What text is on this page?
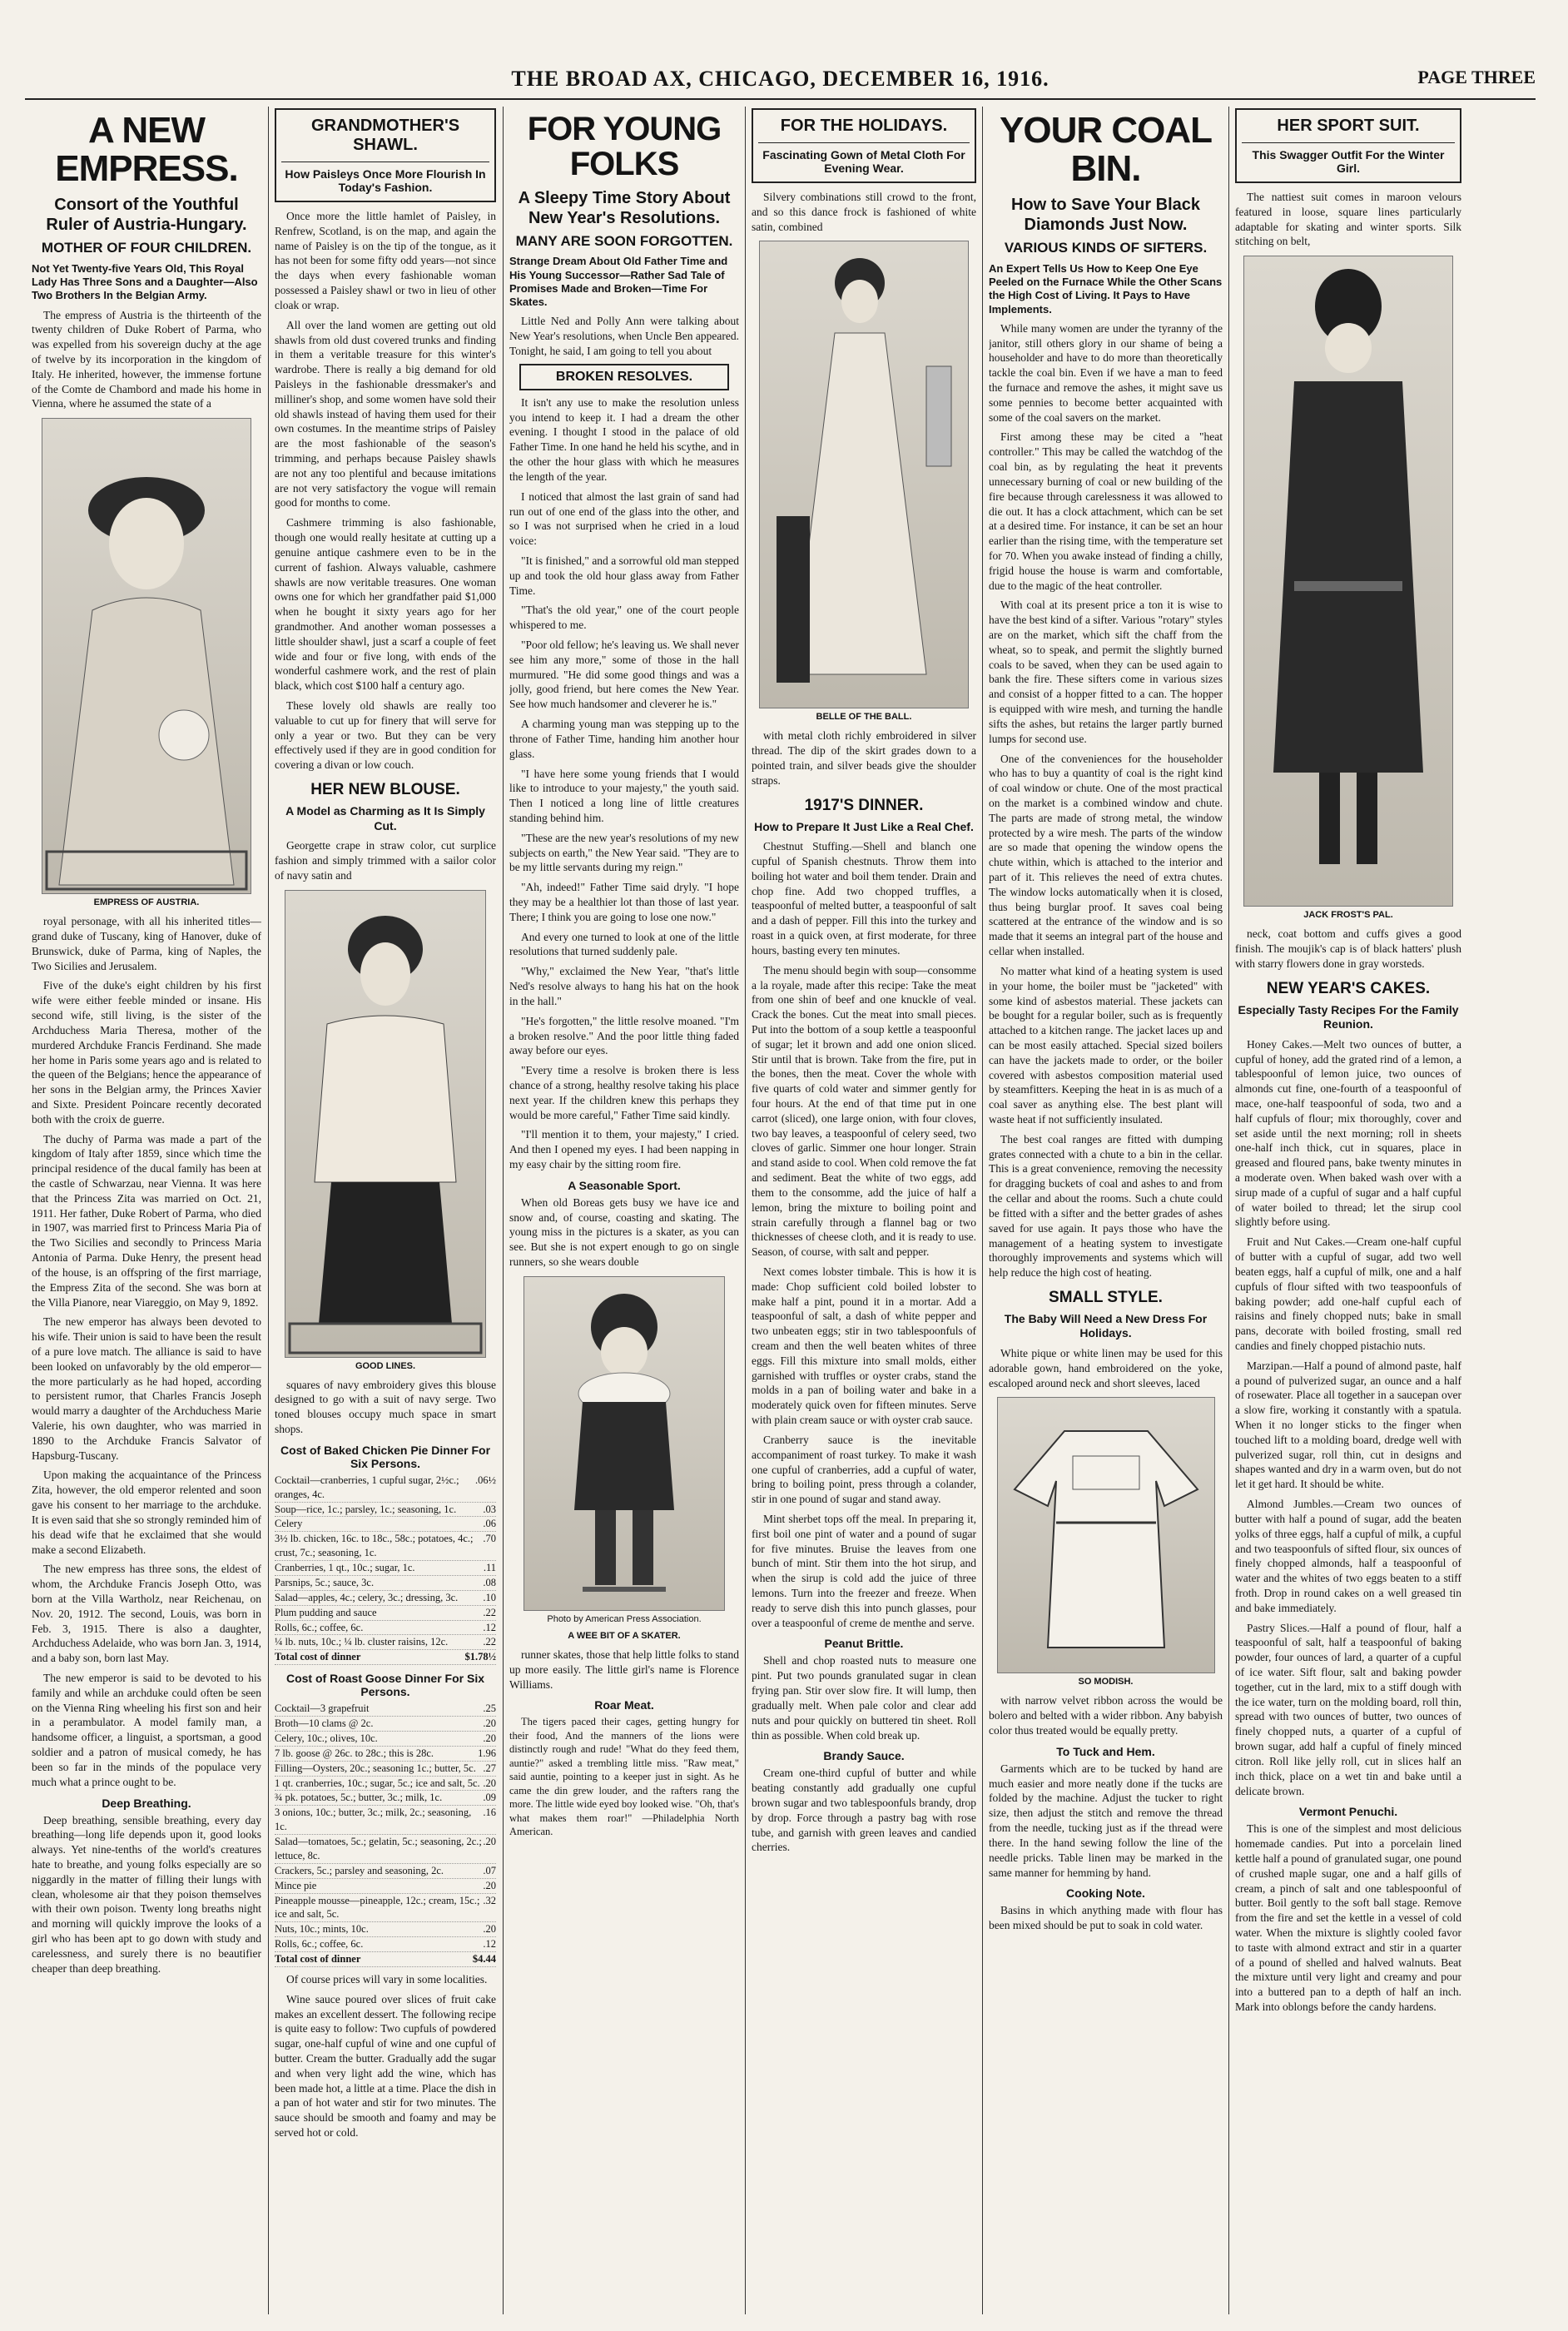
THE BROAD AX, CHICAGO, DECEMBER 16, 1916.	PAGE THREE
A NEW EMPRESS.
Consort of the Youthful Ruler of Austria-Hungary.
MOTHER OF FOUR CHILDREN.
Not Yet Twenty-five Years Old, This Royal Lady Has Three Sons and a Daughter—Also Two Brothers In the Belgian Army.

The empress of Austria is the thirteenth of the twenty children of Duke Robert of Parma, who was expelled from his sovereign duchy at the age of twelve by its incorporation in the kingdom of Italy. He inherited, however, the immense fortune of the Comte de Chambord and made his home in Vienna, where he assumed the state of a

EMPRESS OF AUSTRIA.

royal personage, with all his inherited titles—grand duke of Tuscany, king of Hanover, duke of Brunswick, duke of Parma, king of Naples, the Two Sicilies and Jerusalem.

Five of the duke's eight children by his first wife were either feeble minded or insane. His second wife, still living, is the sister of the Archduchess Maria Theresa, mother of the murdered Archduke Francis Ferdinand. She made her home in Paris some years ago and is related to the queen of the Belgians; hence the appearance of her sons in the Belgian army, the Princes Xavier and Sixte. President Poincare recently decorated both with the croix de guerre.

The duchy of Parma was made a part of the kingdom of Italy after 1859, since which time the principal residence of the ducal family has been at the castle of Schwarzau, near Vienna. It was here that the Princess Zita was married on Oct. 21, 1911. Her father, Duke Robert of Parma, who died in 1907, was married first to Princess Maria Pia of the Two Sicilies and secondly to Princess Maria Antonia of Parma. Duke Henry, the present head of the house, is an offspring of the first marriage, the Empress Zita of the second. She was born at the Villa Pianore, near Viareggio, on May 9, 1892.

The new emperor has always been devoted to his wife. Their union is said to have been the result of a pure love match. The alliance is said to have been looked on unfavorably by the old emperor—the more particularly as he had hoped, according to persistent rumor, that Charles Francis Joseph would marry a daughter of the Archduchess Marie Valerie, his own daughter, who was married in 1890 to the Archduke Francis Salvator of Hapsburg-Tuscany.

Upon making the acquaintance of the Princess Zita, however, the old emperor relented and soon gave his consent to her marriage to the archduke. It is even said that she so strongly reminded him of his dead wife that he exclaimed that she would make a second Elizabeth.

The new empress has three sons, the eldest of whom, the Archduke Francis Joseph Otto, was born at the Villa Wartholz, near Reichenau, on Nov. 20, 1912. The second, Louis, was born in Feb. 3, 1915. There is also a daughter, Archduchess Adelaide, who was born Jan. 3, 1914, and a baby son, born last May.

The new emperor is said to be devoted to his family and while an archduke could often be seen on the Vienna Ring wheeling his first son and heir in a perambulator. A model family man, a handsome officer, a linguist, a sportsman, a good soldier and a patron of musical comedy, he has been so far in the minds of the populace very much what a prince ought to be.

Deep Breathing.

Deep breathing, sensible breathing, every day breathing—long life depends upon it, good looks always. Yet nine-tenths of the world's creatures hate to breathe, and young folks especially are so niggardly in the matter of filling their lungs with clean, wholesome air that they poison themselves with their own poison. Twenty long breaths night and morning will quickly improve the looks of a girl who has been apt to go down with study and carelessness, and surely there is no beautifier cheaper than deep breathing.

GRANDMOTHER'S SHAWL.
How Paisleys Once More Flourish In Today's Fashion.

Once more the little hamlet of Paisley, in Renfrew, Scotland, is on the map, and again the name of Paisley is on the tip of the tongue, as it has not been for some fifty odd years—not since the days when every fashionable woman possessed a Paisley shawl or two in lieu of other cloak or wrap.

All over the land women are getting out old shawls from old dust covered trunks and finding in them a veritable treasure for this winter's wardrobe. There is really a big demand for old Paisleys in the fashionable dressmaker's and milliner's shop, and some women have sold their old shawls instead of having them used for their own costumes. In the meantime strips of Paisley are the most fashionable of the season's trimming, and perhaps because Paisley shawls are not any too plentiful and because imitations are not very satisfactory the vogue will remain good for months to come.

Cashmere trimming is also fashionable, though one would really hesitate at cutting up a genuine antique cashmere even to be in the current of fashion. Always valuable, cashmere shawls are now veritable treasures. One woman owns one for which her grandfather paid $1,000 when he bought it sixty years ago for her grandmother. And another woman possesses a little shoulder shawl, just a scarf a couple of feet wide and four or five long, with ends of the wonderful cashmere work, and the rest of plain black, which cost $100 half a century ago.

These lovely old shawls are really too valuable to cut up for finery that will serve for only a year or two. But they can be very effectively used if they are in good condition for covering a divan or low couch.

HER NEW BLOUSE.
A Model as Charming as It Is Simply Cut.

Georgette crape in straw color, cut surplice fashion and simply trimmed with a sailor color of navy satin and

GOOD LINES.

squares of navy embroidery gives this blouse designed to go with a suit of navy serge. Two toned blouses occupy much space in smart shops.

Cost of Baked Chicken Pie Dinner For Six Persons.
Cocktail—cranberries, 1 cupful sugar, 2½c.; oranges, 4c.
.06½
Soup—rice, 1c.; parsley, 1c.; seasoning, 1c.	.03
Celery	.06
3½ lb. chicken, 16c. to 18c., 58c.; potatoes, 4c.; crust, 7c.; seasoning, 1c.
.70
Cranberries, 1 qt., 10c.; sugar, 1c.	.11
Parsnips, 5c.; sauce, 3c.	.08
Salad—apples, 4c.; celery, 3c.; dressing, 3c. .10
Plum pudding and sauce	.22
Rolls, 6c.; coffee, 6c.	.12
¼ lb. nuts, 10c.; ¼ lb. cluster raisins, 12c.	.22
Total cost of dinner	$1.78½
Cost of Roast Goose Dinner For Six Persons.
Cocktail—3 grapefruit	.25
Broth—10 clams @ 2c.	.20
Celery, 10c.; olives, 10c.	.20
7 lb. goose @ 26c. to 28c.; this is 28c.	1.96
Filling—Oysters, 20c.; seasoning 1c.; butter, 5c. .27
1 qt. cranberries, 10c.; sugar, 5c.; ice and salt, 5c. .20
¾ pk. potatoes, 5c.; butter, 3c.; milk, 1c.	.09
3 onions, 10c.; butter, 3c.; milk, 2c.; seasoning, 1c.
.16
Salad—tomatoes, 5c.; gelatin, 5c.; seasoning, 2c.; lettuce, 8c.
.20
Crackers, 5c.; parsley and seasoning, 2c.	.07
Mince pie	.20
Pineapple mousse—pineapple, 12c.; cream, 15c.; ice and salt, 5c.
.32
Nuts, 10c.; mints, 10c.	.20
Rolls, 6c.; coffee, 6c.	.12
Total cost of dinner	$4.44

Of course prices will vary in some localities.

Wine sauce poured over slices of fruit cake makes an excellent dessert. The following recipe is quite easy to follow: Two cupfuls of powdered sugar, one-half cupful of wine and one cupful of butter. Cream the butter. Gradually add the sugar and when very light add the wine, which has been made hot, a little at a time. Place the dish in a pan of hot water and stir for two minutes. The sauce should be smooth and foamy and may be served hot or cold.

FOR YOUNG FOLKS
A Sleepy Time Story About New Year's Resolutions.
MANY ARE SOON FORGOTTEN.
Strange Dream About Old Father Time and His Young Successor—Rather Sad Tale of Promises Made and Broken—Time For Skates.

Little Ned and Polly Ann were talking about New Year's resolutions, when Uncle Ben appeared. Tonight, he said, I am going to tell you about

BROKEN RESOLVES.

It isn't any use to make the resolution unless you intend to keep it. I had a dream the other evening. I thought I stood in the palace of old Father Time. In one hand he held his scythe, and in the other the hour glass with which he measures the length of the year.

I noticed that almost the last grain of sand had run out of one end of the glass into the other, and so I was not surprised when he cried in a loud voice:

"It is finished," and a sorrowful old man stepped up and took the old hour glass away from Father Time.

"That's the old year," one of the court people whispered to me.

"Poor old fellow; he's leaving us. We shall never see him any more," some of those in the hall murmured. "He did some good things and was a jolly, good friend, but here comes the New Year. See how much handsomer and cleverer he is."

A charming young man was stepping up to the throne of Father Time, handing him another hour glass.

"I have here some young friends that I would like to introduce to your majesty," the youth said. Then I noticed a long line of little creatures standing behind him.

"These are the new year's resolutions of my new subjects on earth," the New Year said. "They are to be my little servants during my reign."

"Ah, indeed!" Father Time said dryly. "I hope they may be a healthier lot than those of last year. There; I think you are going to lose one now."

And every one turned to look at one of the little resolutions that turned suddenly pale.

"Why," exclaimed the New Year, "that's little Ned's resolve always to hang his hat on the hook in the hall."

"He's forgotten," the little resolve moaned. "I'm a broken resolve." And the poor little thing faded away before our eyes.

"Every time a resolve is broken there is less chance of a strong, healthy resolve taking his place next year. If the children knew this perhaps they would be more careful," Father Time said kindly.

"I'll mention it to them, your majesty," I cried. And then I opened my eyes. I had been napping in my easy chair by the sitting room fire.

A Seasonable Sport.

When old Boreas gets busy we have ice and snow and, of course, coasting and skating. The young miss in the pictures is a skater, as you can see. But she is not expert enough to go on single runners, so she wears double

Photo by American Press Association.
A WEE BIT OF A SKATER.

runner skates, those that help little folks to stand up more easily. The little girl's name is Florence Williams.

Roar Meat.

The tigers paced their cages, getting hungry for their food, And the manners of the lions were distinctly rough and rude! "What do they feed them, auntie?" asked a trembling little miss. "Raw meat," said auntie, pointing to a keeper just in sight. As he came the din grew louder, and the rafters rang the more. The little wide eyed boy looked wise. "Oh, that's what makes them roar!" —Philadelphia North American.

FOR THE HOLIDAYS.
Fascinating Gown of Metal Cloth For Evening Wear.

Silvery combinations still crowd to the front, and so this dance frock is fashioned of white satin, combined

BELLE OF THE BALL.

with metal cloth richly embroidered in silver thread. The dip of the skirt grades down to a pointed train, and silver beads give the shoulder straps.

1917'S DINNER.
How to Prepare It Just Like a Real Chef.

Chestnut Stuffing.—Shell and blanch one cupful of Spanish chestnuts. Throw them into boiling hot water and boil them tender. Drain and chop fine. Add two chopped truffles, a teaspoonful of melted butter, a teaspoonful of salt and a dash of pepper. Fill this into the turkey and roast in a quick oven, at first moderate, for three hours, basting every ten minutes.

The menu should begin with soup—consomme a la royale, made after this recipe: Take the meat from one shin of beef and one knuckle of veal. Crack the bones. Cut the meat into small pieces. Put into the bottom of a soup kettle a teaspoonful of sugar; let it brown and add one onion sliced. Stir until that is brown. Take from the fire, put in the bones, then the meat. Cover the whole with five quarts of cold water and simmer gently for four hours. At the end of that time put in one carrot (sliced), one large onion, with four cloves, two bay leaves, a teaspoonful of celery seed, two cloves of garlic. Simmer one hour longer. Strain and stand aside to cool. When cold remove the fat and sediment. Beat the white of two eggs, add them to the consomme, add the juice of half a lemon, bring the mixture to boiling point and strain carefully through a flannel bag or two thicknesses of cheese cloth, and it is ready to use. Season, of course, with salt and pepper.

Next comes lobster timbale. This is how it is made: Chop sufficient cold boiled lobster to make half a pint, pound it in a mortar. Add a teaspoonful of salt, a dash of white pepper and two unbeaten eggs; stir in two tablespoonfuls of cream and then the well beaten whites of three eggs. Fill this mixture into small molds, either garnished with truffles or oyster crabs, stand the molds in a pan of boiling water and bake in a moderately quick oven for fifteen minutes. Serve with plain cream sauce or with oyster crab sauce.

Cranberry sauce is the inevitable accompaniment of roast turkey. To make it wash one cupful of cranberries, add a cupful of water, bring to boiling point, press through a colander, stir in one pound of sugar and stand away.

Mint sherbet tops off the meal. In preparing it, first boil one pint of water and a pound of sugar for five minutes. Bruise the leaves from one bunch of mint. Stir them into the hot sirup, and when the sirup is cold add the juice of three lemons. Turn into the freezer and freeze. When ready to serve dish this into punch glasses, pour over a teaspoonful of creme de menthe and serve.

Peanut Brittle.

Shell and chop roasted nuts to measure one pint. Put two pounds granulated sugar in clean frying pan. Stir over slow fire. It will lump, then gradually melt. When pale color and clear add nuts and pour quickly on buttered tin sheet. Roll thin as possible. When cold break up.

Brandy Sauce.

Cream one-third cupful of butter and while beating constantly add gradually one cupful brown sugar and two tablespoonfuls brandy, drop by drop. Force through a pastry bag with rose tube, and garnish with green leaves and candied cherries.

YOUR COAL BIN.
How to Save Your Black Diamonds Just Now.
VARIOUS KINDS OF SIFTERS.
An Expert Tells Us How to Keep One Eye Peeled on the Furnace While the Other Scans the High Cost of Living. It Pays to Have Implements.

While many women are under the tyranny of the janitor, still others glory in our shame of being a householder and have to do more than theoretically tackle the coal bin. Even if we have a man to feed the furnace and remove the ashes, it might save us some pennies to become better acquainted with some of the coal savers on the market.

First among these may be cited a "heat controller." This may be called the watchdog of the coal bin, as by regulating the heat it prevents unnecessary burning of coal or new building of the fire because through carelessness it was allowed to die out. It has a clock attachment, which can be set at a desired time. For instance, it can be set an hour earlier than the rising time, with the temperature set for 70. When you awake instead of finding a chilly, frigid house the house is warm and comfortable, due to the magic of the heat controller.

With coal at its present price a ton it is wise to have the best kind of a sifter. Various "rotary" styles are on the market, which sift the chaff from the wheat, so to speak, and permit the slightly burned coals to be saved, when they can be used again to bank the fire. These sifters come in various sizes and consist of a hopper fitted to a can. The hopper is equipped with wire mesh, and turning the handle sifts the ashes, but retains the larger partly burned lumps for second use.

One of the conveniences for the householder who has to buy a quantity of coal is the right kind of coal window or chute. One of the most practical on the market is a combined window and chute. The parts are made of strong metal, the window protected by a wire mesh. The parts of the window are so made that opening the window opens the chute within, which is attached to the interior and part of it. This relieves the need of extra chutes. The window locks automatically when it is closed, thus being burglar proof. It saves coal being scattered at the entrance of the window and is so made that it seems an integral part of the house and cellar when installed.

No matter what kind of a heating system is used in your home, the boiler must be "jacketed" with some kind of asbestos material. These jackets can be bought for a regular boiler, such as is frequently attached to a kitchen range. The jacket laces up and can be most easily attached. Special sized boilers can have the jackets made to order, or the boiler covered with asbestos composition material used by steamfitters. Keeping the heat in is as much of a coal saver as anything else. The best plant will waste heat if not sufficiently insulated.

The best coal ranges are fitted with dumping grates connected with a chute to a bin in the cellar. This is a great convenience, removing the necessity for dragging buckets of coal and ashes to and from the cellar and about the rooms. Such a chute could be fitted with a sifter and the better grades of ashes saved for use again. It pays those who have the management of a heating system to investigate thoroughly improvements and systems which will help reduce the high cost of heating.

SMALL STYLE.
The Baby Will Need a New Dress For Holidays.

White pique or white linen may be used for this adorable gown, hand embroidered on the yoke, escaloped around neck and short sleeves, laced

SO MODISH.

with narrow velvet ribbon across the would be bolero and belted with a wider ribbon. Any babyish color thus treated would be equally pretty.

To Tuck and Hem.

Garments which are to be tucked by hand are much easier and more neatly done if the tucks are folded by the machine. Adjust the tucker to right size, then adjust the stitch and remove the thread from the needle, tucking just as if the thread were there. In the hand sewing follow the line of the needle pricks. Table linen may be marked in the same manner for hemming by hand.

Cooking Note.

Basins in which anything made with flour has been mixed should be put to soak in cold water.

HER SPORT SUIT.
This Swagger Outfit For the Winter Girl.

The nattiest suit comes in maroon velours featured in loose, square lines particularly adaptable for skating and winter sports. Silk stitching on belt,

JACK FROST'S PAL.

neck, coat bottom and cuffs gives a good finish. The moujik's cap is of black hatters' plush with starry flowers done in gray worsteds.

NEW YEAR'S CAKES.
Especially Tasty Recipes For the Family Reunion.

Honey Cakes.—Melt two ounces of butter, a cupful of honey, add the grated rind of a lemon, a tablespoonful of lemon juice, two ounces of almonds cut fine, one-fourth of a teaspoonful of mace, one-half teaspoonful of soda, two and a half cupfuls of flour; mix thoroughly, cover and set aside until the next morning; roll in sheets one-half inch thick, cut in squares, place in greased and floured pans, bake twenty minutes in a moderate oven. When baked wash over with a sirup made of a cupful of sugar and a half cupful of water boiled to thread; let the sirup cool slightly before using.

Fruit and Nut Cakes.—Cream one-half cupful of butter with a cupful of sugar, add two well beaten eggs, half a cupful of milk, one and a half cupfuls of flour sifted with two teaspoonfuls of baking powder; add one-half cupful each of raisins and finely chopped nuts; bake in small pans, decorate with boiled frosting, small red candies and finely chopped pistachio nuts.

Marzipan.—Half a pound of almond paste, half a pound of pulverized sugar, an ounce and a half of rosewater. Place all together in a saucepan over a slow fire, working it constantly with a spatula. When it no longer sticks to the finger when touched lift to a molding board, dredge well with pulverized sugar, roll thin, cut in designs and shapes wanted and dry in a warm oven, but do not let it get hard. It should be white.

Almond Jumbles.—Cream two ounces of butter with half a pound of sugar, add the beaten yolks of three eggs, half a cupful of milk, a cupful and two teaspoonfuls of sifted flour, six ounces of finely chopped almonds, half a teaspoonful of water and the whites of two eggs beaten to a stiff froth. Drop in round cakes on a well greased tin and bake immediately.

Pastry Slices.—Half a pound of flour, half a teaspoonful of salt, half a teaspoonful of baking powder, four ounces of lard, a quarter of a cupful of ice water. Sift flour, salt and baking powder together, cut in the lard, mix to a stiff dough with the ice water, turn on the molding board, roll thin, spread with two ounces of butter, two ounces of finely chopped nuts, a quarter of a cupful of brown sugar, add half a cupful of finely minced citron. Roll like jelly roll, cut in slices half an inch thick, place on a wet tin and bake until a delicate brown.

Vermont Penuchi.

This is one of the simplest and most delicious homemade candies. Put into a porcelain lined kettle half a pound of granulated sugar, one pound of crushed maple sugar, one and a half gills of cream, a pinch of salt and one tablespoonful of butter. Boil gently to the soft ball stage. Remove from the fire and set the kettle in a vessel of cold water. When the mixture is slightly cooled favor to taste with almond extract and stir in a quarter of a pound of shelled and halved walnuts. Beat the mixture until very light and creamy and pour into a buttered pan to a depth of half an inch. Mark into oblongs before the candy hardens.
